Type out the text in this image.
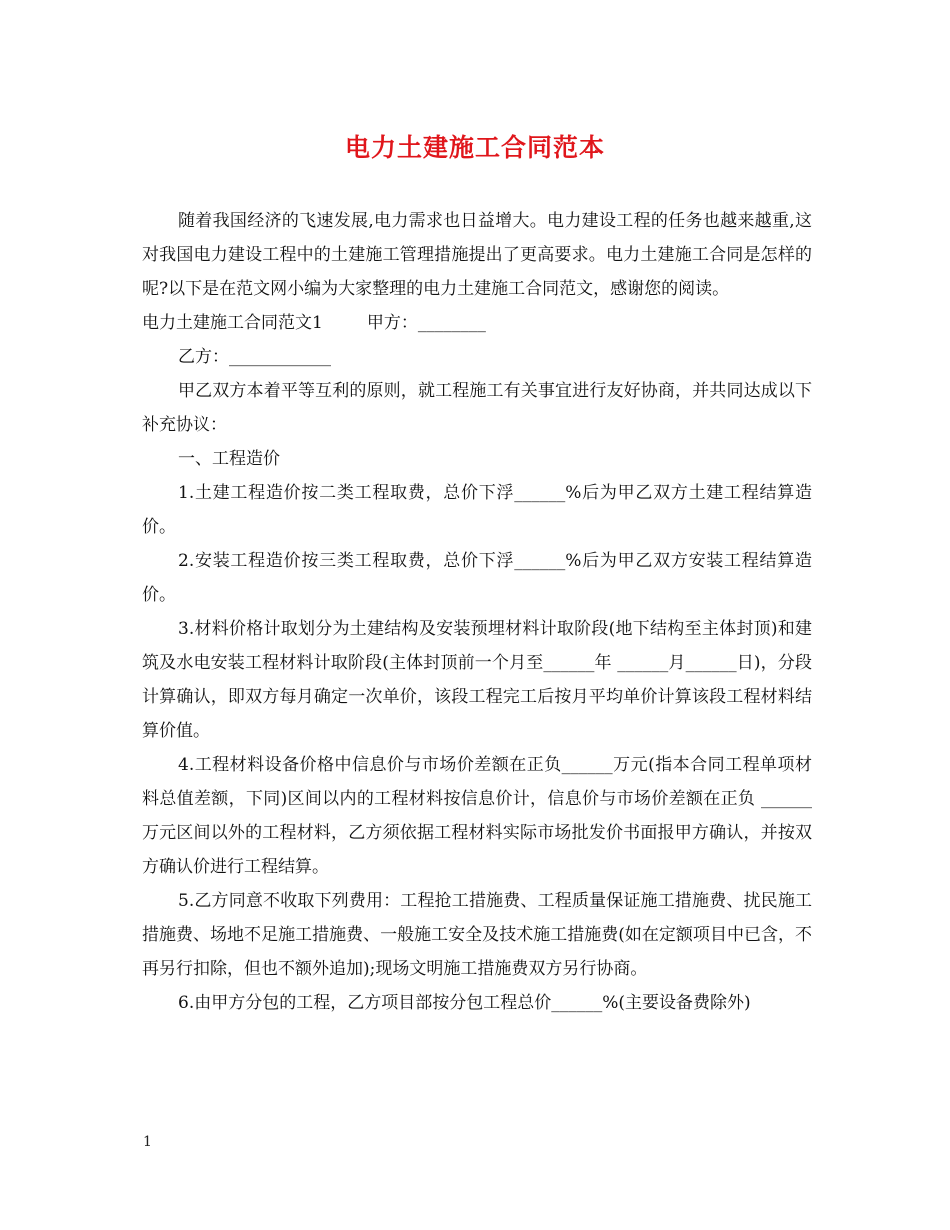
电力土建施工合同范本

随着我国经济的飞速发展,电力需求也日益增大。电力建设工程的任务也越来越重,这对我国电力建设工程中的土建施工管理措施提出了更高要求。电力土建施工合同是怎样的呢?以下是在范文网小编为大家整理的电力土建施工合同范文，感谢您的阅读。

电力土建施工合同范文1	甲方：________

乙方：____________

甲乙双方本着平等互利的原则，就工程施工有关事宜进行友好协商，并共同达成以下补充协议：

一、工程造价

1.土建工程造价按二类工程取费，总价下浮______%后为甲乙双方土建工程结算造价。

2.安装工程造价按三类工程取费，总价下浮______%后为甲乙双方安装工程结算造价。

3.材料价格计取划分为土建结构及安装预埋材料计取阶段(地下结构至主体封顶)和建筑及水电安装工程材料计取阶段(主体封顶前一个月至______年 ______月______日)，分段计算确认，即双方每月确定一次单价，该段工程完工后按月平均单价计算该段工程材料结算价值。

4.工程材料设备价格中信息价与市场价差额在正负______万元(指本合同工程单项材料总值差额，下同)区间以内的工程材料按信息价计，信息价与市场价差额在正负 ______万元区间以外的工程材料，乙方须依据工程材料实际市场批发价书面报甲方确认，并按双方确认价进行工程结算。

5.乙方同意不收取下列费用：工程抢工措施费、工程质量保证施工措施费、扰民施工措施费、场地不足施工措施费、一般施工安全及技术施工措施费(如在定额项目中已含，不再另行扣除，但也不额外追加);现场文明施工措施费双方另行协商。

6.由甲方分包的工程，乙方项目部按分包工程总价______%(主要设备费除外)

1
